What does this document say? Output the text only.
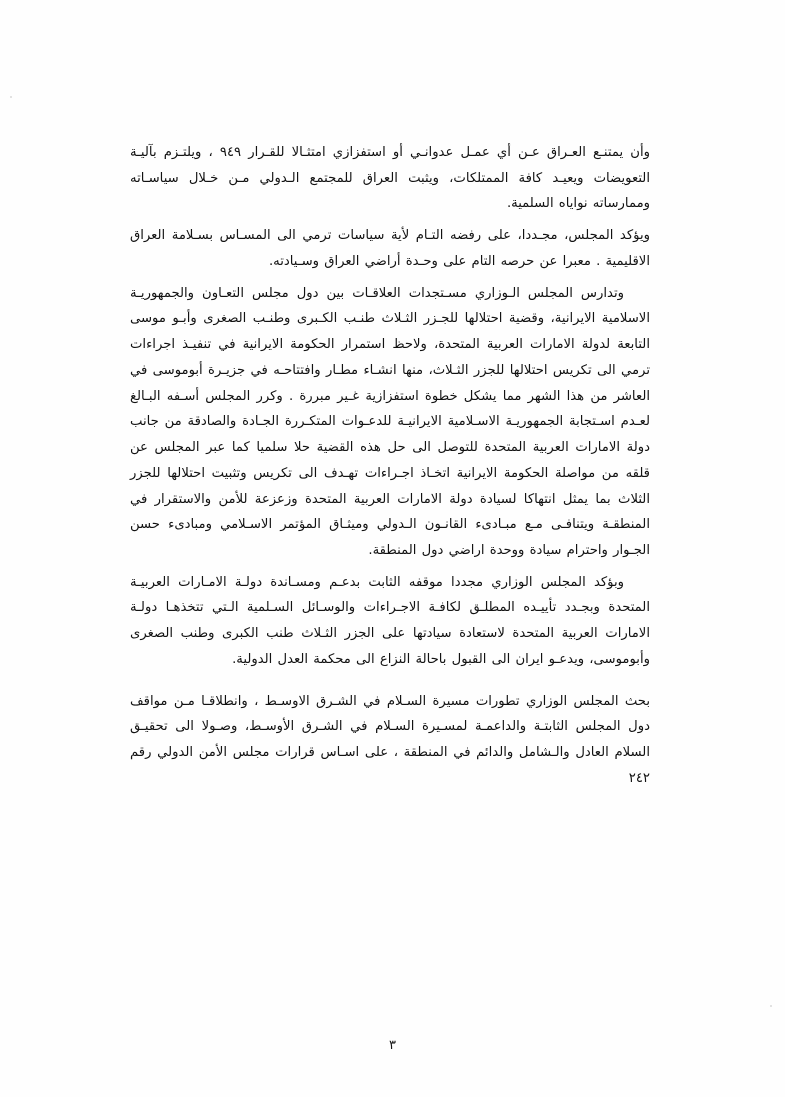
وأن يمتنـع العـراق عـن أي عمـل عدوانـي أو استفزازي امتثـالا للقـرار ٩٤٩ ، ويلتـزم بآليـة التعويضات ويعيـد كافة الممتلكات، ويثبت العراق للمجتمع الـدولي مـن خـلال سياسـاته وممارساته نواياه السلمية.

ويؤكد المجلس، مجـددا، على رفضه التـام لأية سياسات ترمي الى المسـاس بسـلامة العراق الاقليمية . معبرا عن حرصه التام على وحـدة أراضي العراق وسـيادته.

وتدارس المجلس الـوزاري مسـتجدات العلاقـات بين دول مجلس التعـاون والجمهوريـة الاسلامية الايرانية، وقضية احتلالها للجـزر الثـلاث طنـب الكـبرى وطنـب الصغرى وأبـو موسى التابعة لدولة الامارات العربية المتحدة، ولاحظ استمرار الحكومة الايرانية في تنفيـذ اجراءات ترمي الى تكريس احتلالها للجزر الثـلاث، منها انشـاء مطـار وافتتاحـه في جزيـرة أبوموسى في العاشر من هذا الشهر مما يشكل خطوة استفزازية غـير مبررة . وكرر المجلس أسـفه البـالغ لعـدم اسـتجابة الجمهوريـة الاسـلامية الايرانيـة للدعـوات المتكـررة الجـادة والصادقة من جانب دولة الامارات العربية المتحدة للتوصل الى حل هذه القضية حلا سلميا كما عبر المجلس عن قلقه من مواصلة الحكومة الايرانية اتخـاذ اجـراءات تهـدف الى تكريس وتثبيت احتلالها للجزر الثلاث بما يمثل انتهاكا لسيادة دولة الامارات العربية المتحدة وزعزعة للأمن والاستقرار في المنطقـة ويتنافـى مـع مبـادىء القانـون الـدولي وميثـاق المؤتمر الاسـلامي ومبادىء حسن الجـوار واحترام سيادة ووحدة اراضي دول المنطقة.

وبؤكد المجلس الوزاري مجددا موقفه الثابت بدعـم ومسـاندة دولـة الامـارات العربيـة المتحدة وبجـدد تأييـده المطلـق لكافـة الاجـراءات والوسـائل السـلمية الـتي تتخذهـا دولـة الامارات العربية المتحدة لاستعادة سيادتها على الجزر الثـلاث طنب الكبرى وطنب الصغرى وأبوموسى، ويدعـو ايران الى القبول باحالة النزاع الى محكمة العدل الدولية.

بحث المجلس الوزاري تطورات مسيرة السـلام في الشـرق الاوسـط ، وانطلاقـا مـن مواقف دول المجلس الثابتـة والداعمـة لمسـيرة السـلام في الشـرق الأوسـط، وصـولا الى تحقيـق السلام العادل والـشامل والدائم في المنطقة ، على اسـاس قرارات مجلس الأمن الدولي رقم ٢٤٢

٣
